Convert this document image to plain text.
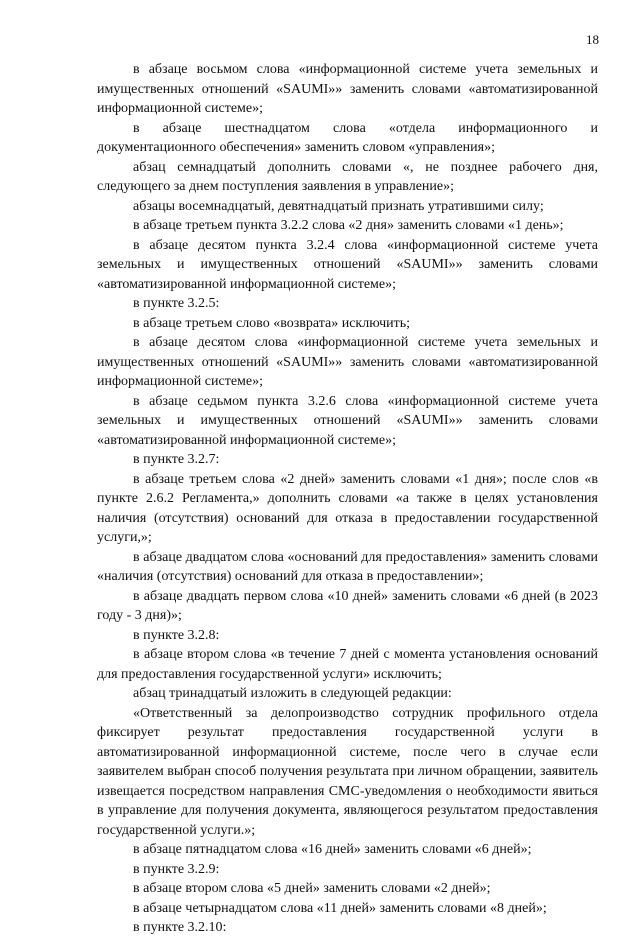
18

в абзаце восьмом слова «информационной системе учета земельных и имущественных отношений «SAUMI»» заменить словами «автоматизированной информационной системе»;

в абзаце шестнадцатом слова «отдела информационного и документационного обеспечения» заменить словом «управления»;

абзац семнадцатый дополнить словами «, не позднее рабочего дня, следующего за днем поступления заявления в управление»;

абзацы восемнадцатый, девятнадцатый признать утратившими силу;

в абзаце третьем пункта 3.2.2 слова «2 дня» заменить словами «1 день»;

в абзаце десятом пункта 3.2.4 слова «информационной системе учета земельных и имущественных отношений «SAUMI»» заменить словами «автоматизированной информационной системе»;

в пункте 3.2.5:

в абзаце третьем слово «возврата» исключить;

в абзаце десятом слова «информационной системе учета земельных и имущественных отношений «SAUMI»» заменить словами «автоматизированной информационной системе»;

в абзаце седьмом пункта 3.2.6 слова «информационной системе учета земельных и имущественных отношений «SAUMI»» заменить словами «автоматизированной информационной системе»;

в пункте 3.2.7:

в абзаце третьем слова «2 дней» заменить словами «1 дня»; после слов «в пункте 2.6.2 Регламента,» дополнить словами «а также в целях установления наличия (отсутствия) оснований для отказа в предоставлении государственной услуги,»;

в абзаце двадцатом слова «оснований для предоставления» заменить словами «наличия (отсутствия) оснований для отказа в предоставлении»;

в абзаце двадцать первом слова «10 дней» заменить словами «6 дней (в 2023 году - 3 дня)»;

в пункте 3.2.8:

в абзаце втором слова «в течение 7 дней с момента установления оснований для предоставления государственной услуги» исключить;

абзац тринадцатый изложить в следующей редакции:

«Ответственный за делопроизводство сотрудник профильного отдела фиксирует результат предоставления государственной услуги в автоматизированной информационной системе, после чего в случае если заявителем выбран способ получения результата при личном обращении, заявитель извещается посредством направления СМС-уведомления о необходимости явиться в управление для получения документа, являющегося результатом предоставления государственной услуги.»;

в абзаце пятнадцатом слова «16 дней» заменить словами «6 дней»;

в пункте 3.2.9:

в абзаце втором слова «5 дней» заменить словами «2 дней»;

в абзаце четырнадцатом слова «11 дней» заменить словами «8 дней»;

в пункте 3.2.10:
